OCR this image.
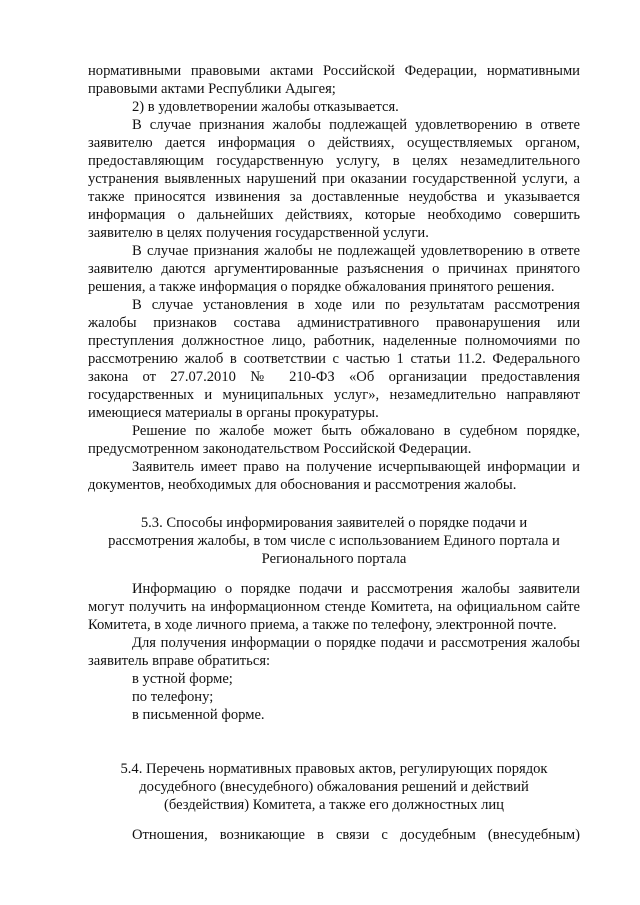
нормативными правовыми актами Российской Федерации, нормативными правовыми актами Республики Адыгея;

2) в удовлетворении жалобы отказывается.

В случае признания жалобы подлежащей удовлетворению в ответе заявителю дается информация о действиях, осуществляемых органом, предоставляющим государственную услугу, в целях незамедлительного устранения выявленных нарушений при оказании государственной услуги, а также приносятся извинения за доставленные неудобства и указывается информация о дальнейших действиях, которые необходимо совершить заявителю в целях получения государственной услуги.

В случае признания жалобы не подлежащей удовлетворению в ответе заявителю даются аргументированные разъяснения о причинах принятого решения, а также информация о порядке обжалования принятого решения.

В случае установления в ходе или по результатам рассмотрения жалобы признаков состава административного правонарушения или преступления должностное лицо, работник, наделенные полномочиями по рассмотрению жалоб в соответствии с частью 1 статьи 11.2. Федерального закона от 27.07.2010 № 210-ФЗ «Об организации предоставления государственных и муниципальных услуг», незамедлительно направляют имеющиеся материалы в органы прокуратуры.

Решение по жалобе может быть обжаловано в судебном порядке, предусмотренном законодательством Российской Федерации.

Заявитель имеет право на получение исчерпывающей информации и документов, необходимых для обоснования и рассмотрения жалобы.

5.3. Способы информирования заявителей о порядке подачи и
рассмотрения жалобы, в том числе с использованием Единого портала и
Регионального портала

Информацию о порядке подачи и рассмотрения жалобы заявители могут получить на информационном стенде Комитета, на официальном сайте Комитета, в ходе личного приема, а также по телефону, электронной почте.

Для получения информации о порядке подачи и рассмотрения жалобы заявитель вправе обратиться:

в устной форме;

по телефону;

в письменной форме.

5.4. Перечень нормативных правовых актов, регулирующих порядок
досудебного (внесудебного) обжалования решений и действий
(бездействия) Комитета, а также его должностных лиц

Отношения, возникающие в связи с досудебным (внесудебным)
